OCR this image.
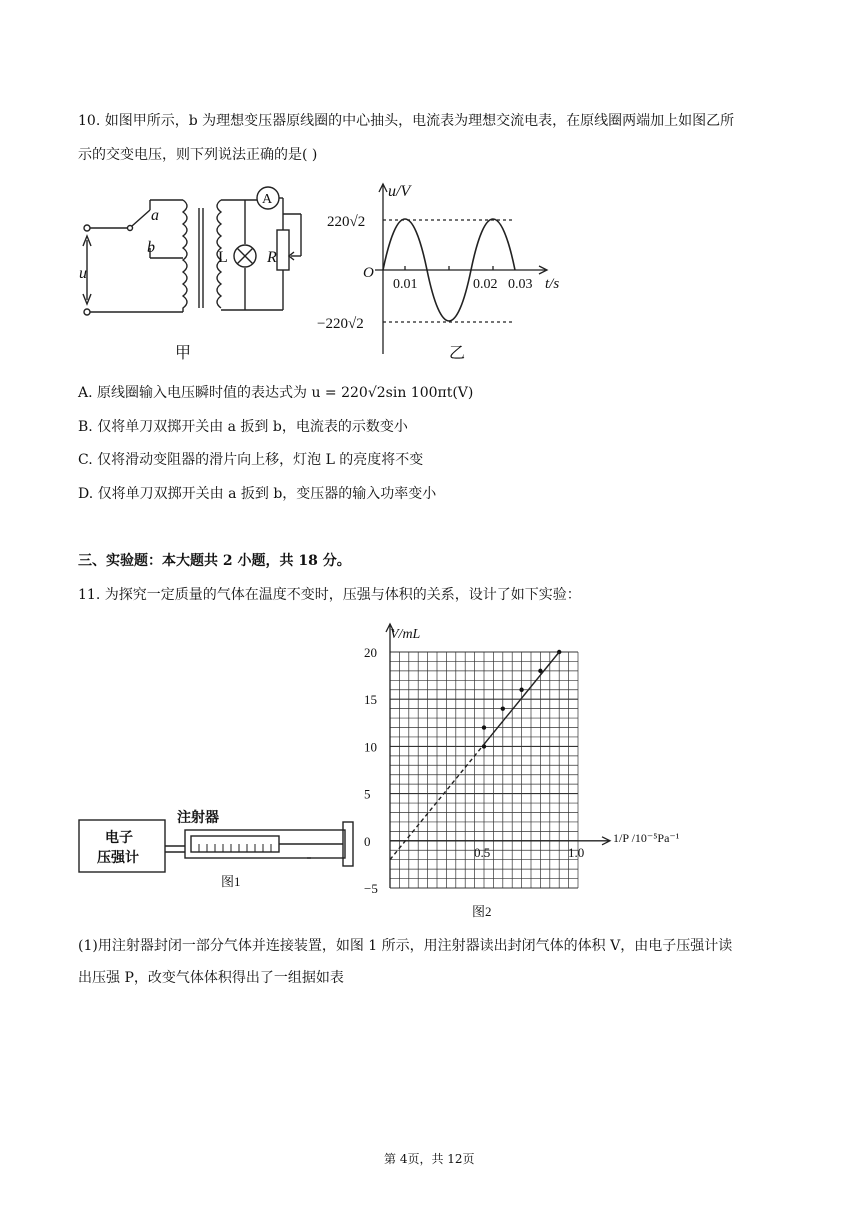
10. 如图甲所示，b 为理想变压器原线圈的中心抽头，电流表为理想交流电表，在原线圈两端加上如图乙所
示的交变电压，则下列说法正确的是( )
a
b
u
R
L
A
甲
u/V
t/s
O
220√2
−220√2
0.01	0.02 0.03
乙
A. 原线圈输入电压瞬时值的表达式为 u = 220√2sin 100πt(V)
B. 仅将单刀双掷开关由 a 扳到 b，电流表的示数变小
C. 仅将滑动变阻器的滑片向上移，灯泡 L 的亮度将不变
D. 仅将单刀双掷开关由 a 扳到 b，变压器的输入功率变小
三、实验题：本大题共 2 小题，共 18 分。
11. 为探究一定质量的气体在温度不变时，压强与体积的关系，设计了如下实验：
电子
压强计
注射器
图1
V/mL
1/P /10⁻⁵Pa⁻¹
20
15
10
5
0
−5
0.5	1.0
图2
(1)用注射器封闭一部分气体并连接装置，如图 1 所示，用注射器读出封闭气体的体积 V，由电子压强计读
出压强 P，改变气体体积得出了一组据如表
第 4页，共 12页
